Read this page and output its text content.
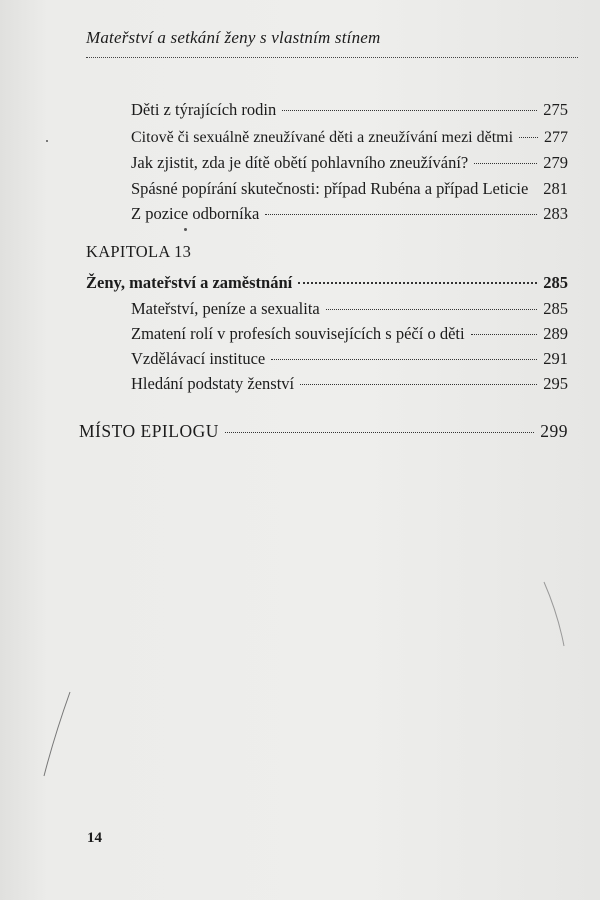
Mateřství a setkání ženy s vlastním stínem
Děti z týrajících rodin	275
Citově či sexuálně zneužívané děti a zneužívání mezi dětmi 277
Jak zjistit, zda je dítě obětí pohlavního zneužívání?	279
Spásné popírání skutečnosti: případ Rubéna a případ Leticie 281
Z pozice odborníka	283
KAPITOLA 13
Ženy, mateřství a zaměstnání	285
Mateřství, peníze a sexualita	285
Zmatení rolí v profesích souvisejících s péčí o děti	289
Vzdělávací instituce	291
Hledání podstaty ženství	295
MÍSTO EPILOGU	299
14
